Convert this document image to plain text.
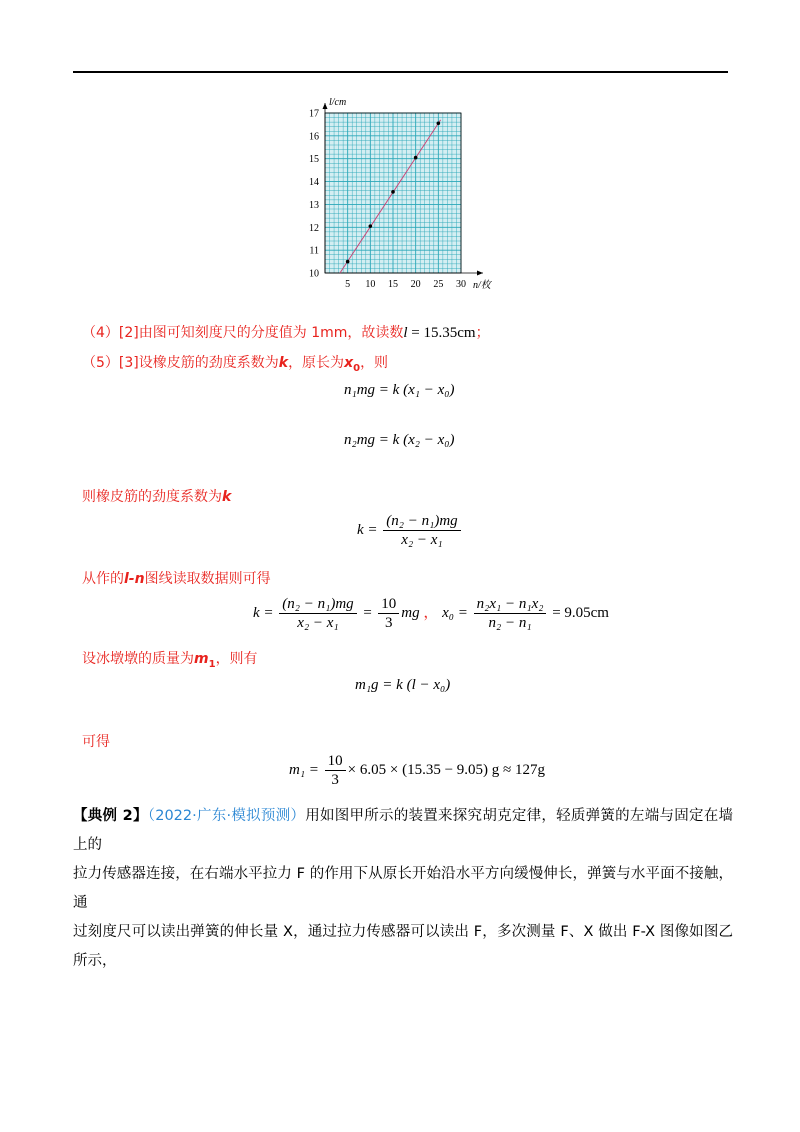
5 10 15 20 25 30
10
11
12
13
14
15
16
17
l/cm
n/枚
（4）[2]由图可知刻度尺的分度值为 1mm，故读数l = 15.35cm；
（5）[3]设橡皮筋的劲度系数为k，原长为$x_0$，则
n₁mg = k (x₁ − x₀)
n₂mg = k (x₂ − x₀)
则橡皮筋的劲度系数为k
$k = \frac{\text{(n₂ − n₁)mg}}{\text{x₂ − x₁}}$
从作的l-n图线读取数据则可得
$k = \frac{\text{(n₂ − n₁)mg}}{\text{x₂ − x₁}} = \frac{10}{3}$ mg ， $x_0 = \frac{\text{n₂x₁ − n₁x₂}}{\text{n₂ − n₁}} = 9.05cm$
设冰墩墩的质量为$m_1$，则有
m₁g = k (l − x₀)
可得
$m_1 = \frac{10}{3} \times 6.05 \times (15.35 - 9.05) g \approx 127g$
【典例 2】（2022·广东·模拟预测）用如图甲所示的装置来探究胡克定律，轻质弹簧的左端与固定在墙上的
拉力传感器连接，在右端水平拉力 F 的作用下从原长开始沿水平方向缓慢伸长，弹簧与水平面不接触，通
过刻度尺可以读出弹簧的伸长量 X，通过拉力传感器可以读出 F，多次测量 F、X 做出 F-X 图像如图乙所示，
